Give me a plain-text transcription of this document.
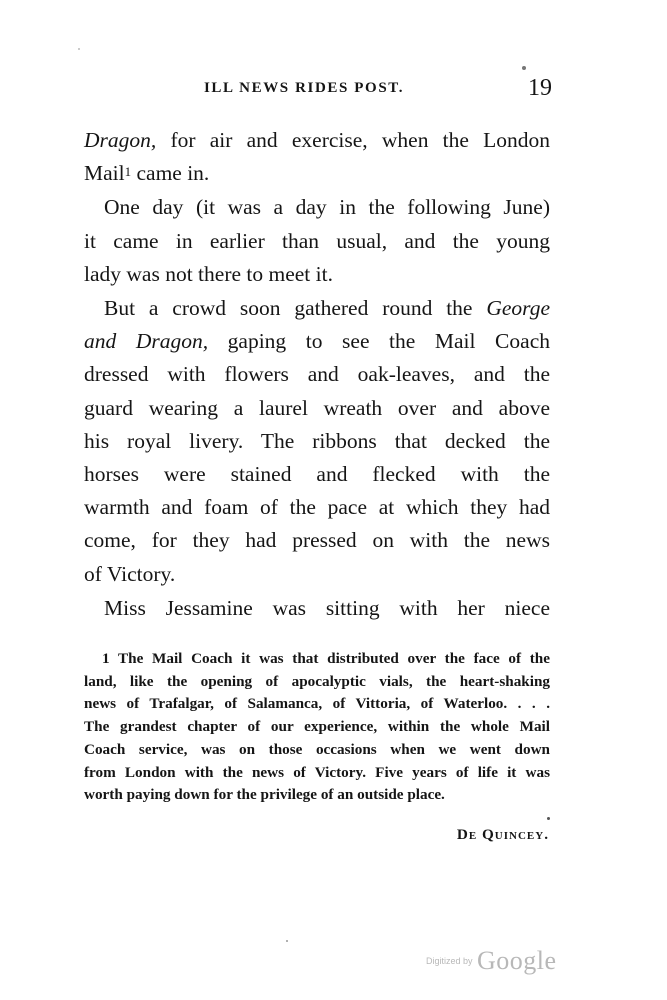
ILL NEWS RIDES POST.	19

Dragon, for air and exercise, when the London
Mail$^1$ came in.

One day (it was a day in the following June)
it came in earlier than usual, and the young
lady was not there to meet it.

But a crowd soon gathered round the George
and Dragon, gaping to see the Mail Coach
dressed with flowers and oak-leaves, and the
guard wearing a laurel wreath over and above
his royal livery. The ribbons that decked the
horses were stained and flecked with the
warmth and foam of the pace at which they had
come, for they had pressed on with the news
of Victory.

Miss Jessamine was sitting with her niece

1 The Mail Coach it was that distributed over the face of the
land, like the opening of apocalyptic vials, the heart-shaking
news of Trafalgar, of Salamanca, of Vittoria, of Waterloo. . . .
The grandest chapter of our experience, within the whole Mail
Coach service, was on those occasions when we went down
from London with the news of Victory. Five years of life it was
worth paying down for the privilege of an outside place.
De Quincey.
Digitized by Google
